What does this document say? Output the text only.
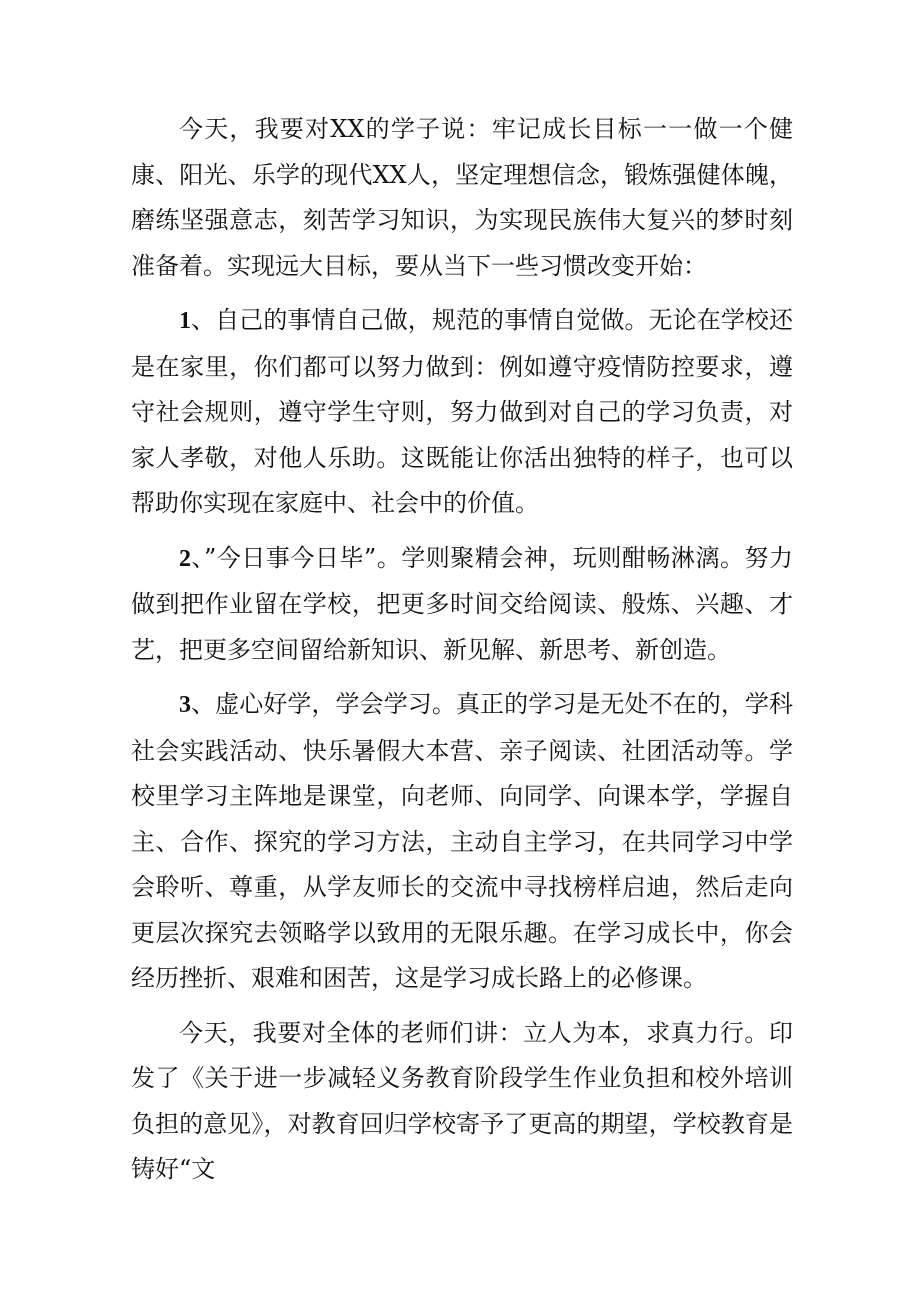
今天，我要对XX的学子说：牢记成长目标一一做一个健康、阳光、乐学的现代XX人，坚定理想信念，锻炼强健体魄，磨练坚强意志，刻苦学习知识，为实现民族伟大复兴的梦时刻准备着。实现远大目标，要从当下一些习惯改变开始：

1、自己的事情自己做，规范的事情自觉做。无论在学校还是在家里，你们都可以努力做到：例如遵守疫情防控要求，遵守社会规则，遵守学生守则，努力做到对自己的学习负责，对家人孝敬，对他人乐助。这既能让你活出独特的样子，也可以帮助你实现在家庭中、社会中的价值。

2、”今日事今日毕”。学则聚精会神，玩则酣畅淋漓。努力做到把作业留在学校，把更多时间交给阅读、般炼、兴趣、才艺，把更多空间留给新知识、新见解、新思考、新创造。

3、虚心好学，学会学习。真正的学习是无处不在的，学科社会实践活动、快乐暑假大本营、亲子阅读、社团活动等。学校里学习主阵地是课堂，向老师、向同学、向课本学，学握自主、合作、探究的学习方法，主动自主学习，在共同学习中学会聆听、尊重，从学友师长的交流中寻找榜样启迪，然后走向更层次探究去领略学以致用的无限乐趣。在学习成长中，你会经历挫折、艰难和困苦，这是学习成长路上的必修课。

今天，我要对全体的老师们讲：立人为本，求真力行。印发了《关于进一步减轻义务教育阶段学生作业负担和校外培训负担的意见》，对教育回归学校寄予了更高的期望，学校教育是铸好“文
